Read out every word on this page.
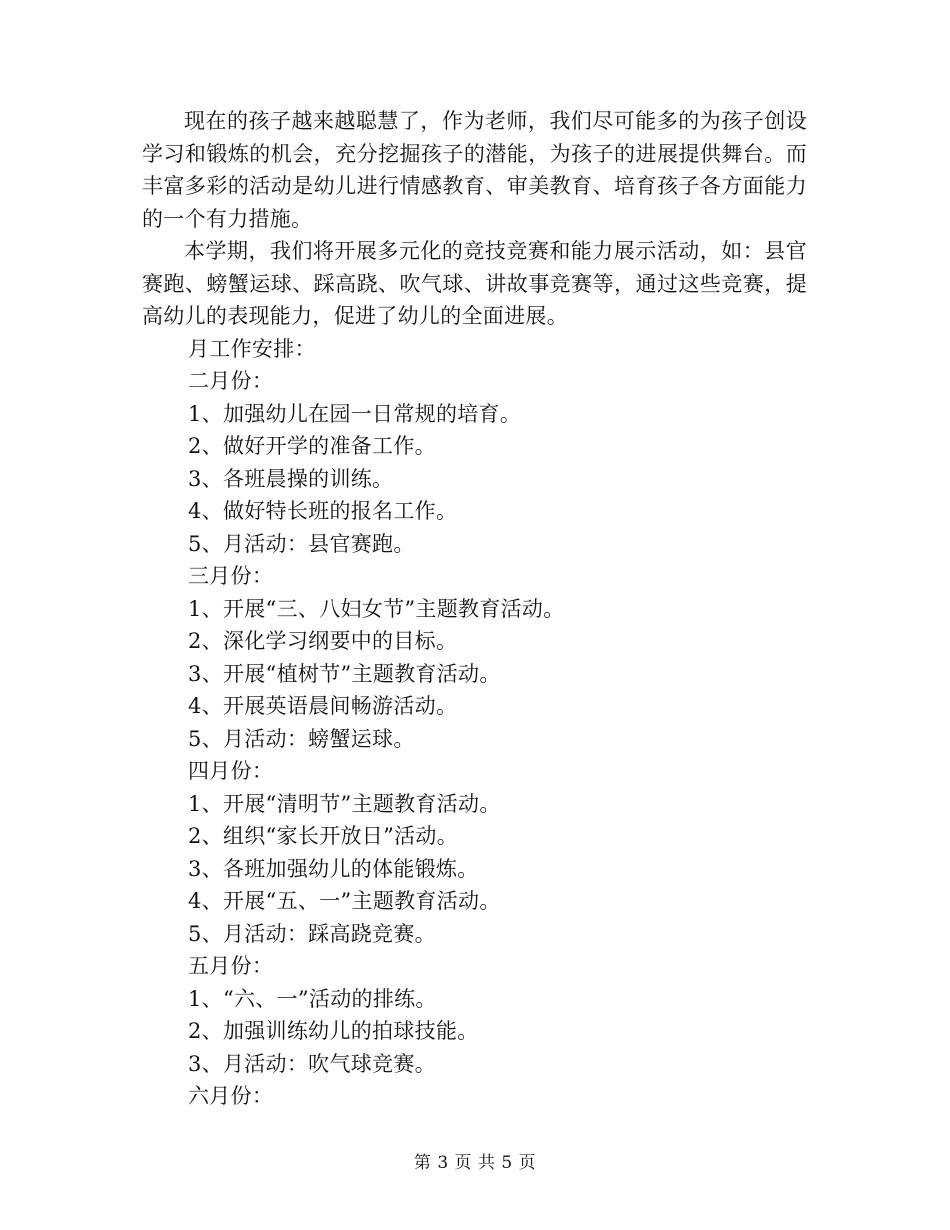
现在的孩子越来越聪慧了，作为老师，我们尽可能多的为孩子创设学习和锻炼的机会，充分挖掘孩子的潜能，为孩子的进展提供舞台。而丰富多彩的活动是幼儿进行情感教育、审美教育、培育孩子各方面能力的一个有力措施。

本学期，我们将开展多元化的竞技竞赛和能力展示活动，如：县官赛跑、螃蟹运球、踩高跷、吹气球、讲故事竞赛等，通过这些竞赛，提高幼儿的表现能力，促进了幼儿的全面进展。

月工作安排：

二月份：

1、加强幼儿在园一日常规的培育。

2、做好开学的准备工作。

3、各班晨操的训练。

4、做好特长班的报名工作。

5、月活动：县官赛跑。

三月份：

1、开展“三、八妇女节”主题教育活动。

2、深化学习纲要中的目标。

3、开展“植树节”主题教育活动。

4、开展英语晨间畅游活动。

5、月活动：螃蟹运球。

四月份：

1、开展“清明节”主题教育活动。

2、组织“家长开放日”活动。

3、各班加强幼儿的体能锻炼。

4、开展“五、一”主题教育活动。

5、月活动：踩高跷竞赛。

五月份：

1、“六、一”活动的排练。

2、加强训练幼儿的拍球技能。

3、月活动：吹气球竞赛。

六月份：

第 3 页 共 5 页
